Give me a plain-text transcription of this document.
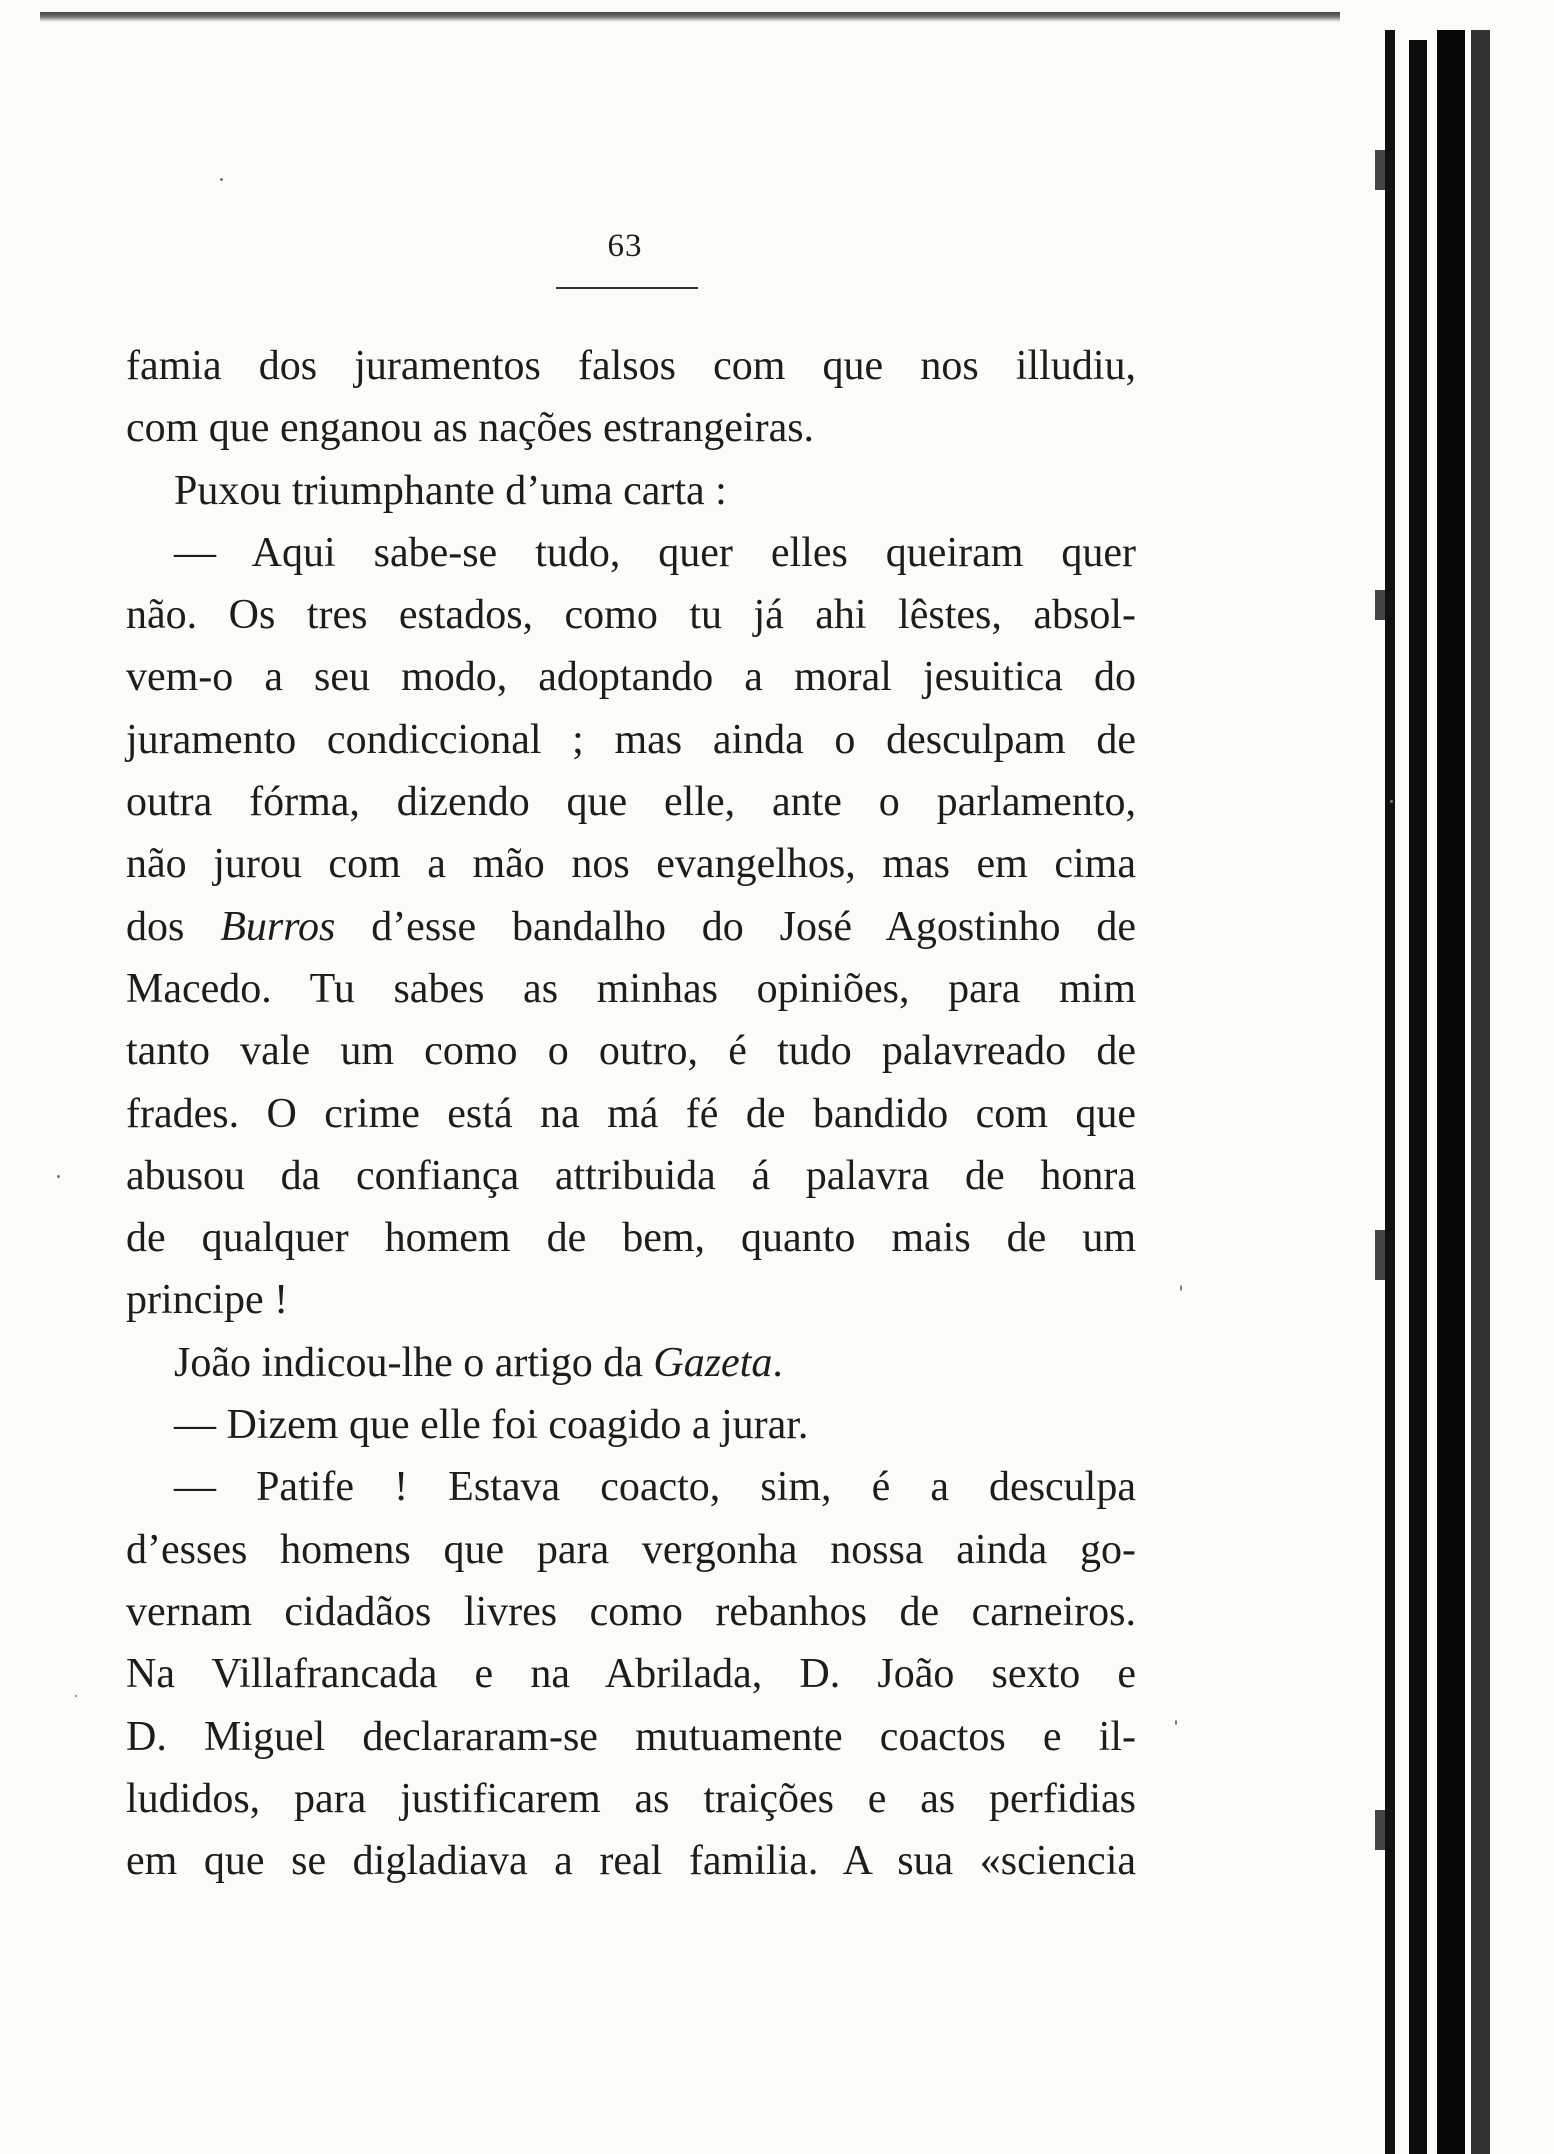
63
famia dos juramentos falsos com que nos illudiu,
com que enganou as nações estrangeiras.
Puxou triumphante d’uma carta :
— Aqui sabe-se tudo, quer elles queiram quer
não. Os tres estados, como tu já ahi lêstes, absol-
vem-o a seu modo, adoptando a moral jesuitica do
juramento condiccional ; mas ainda o desculpam de
outra fórma, dizendo que elle, ante o parlamento,
não jurou com a mão nos evangelhos, mas em cima
dos Burros d’esse bandalho do José Agostinho de
Macedo. Tu sabes as minhas opiniões, para mim
tanto vale um como o outro, é tudo palavreado de
frades. O crime está na má fé de bandido com que
abusou da confiança attribuida á palavra de honra
de qualquer homem de bem, quanto mais de um
principe !
João indicou-lhe o artigo da Gazeta.
— Dizem que elle foi coagido a jurar.
— Patife ! Estava coacto, sim, é a desculpa
d’esses homens que para vergonha nossa ainda go-
vernam cidadãos livres como rebanhos de carneiros.
Na Villafrancada e na Abrilada, D. João sexto e
D. Miguel declararam-se mutuamente coactos e il-
ludidos, para justificarem as traições e as perfidias
em que se digladiava a real familia. A sua «sciencia
